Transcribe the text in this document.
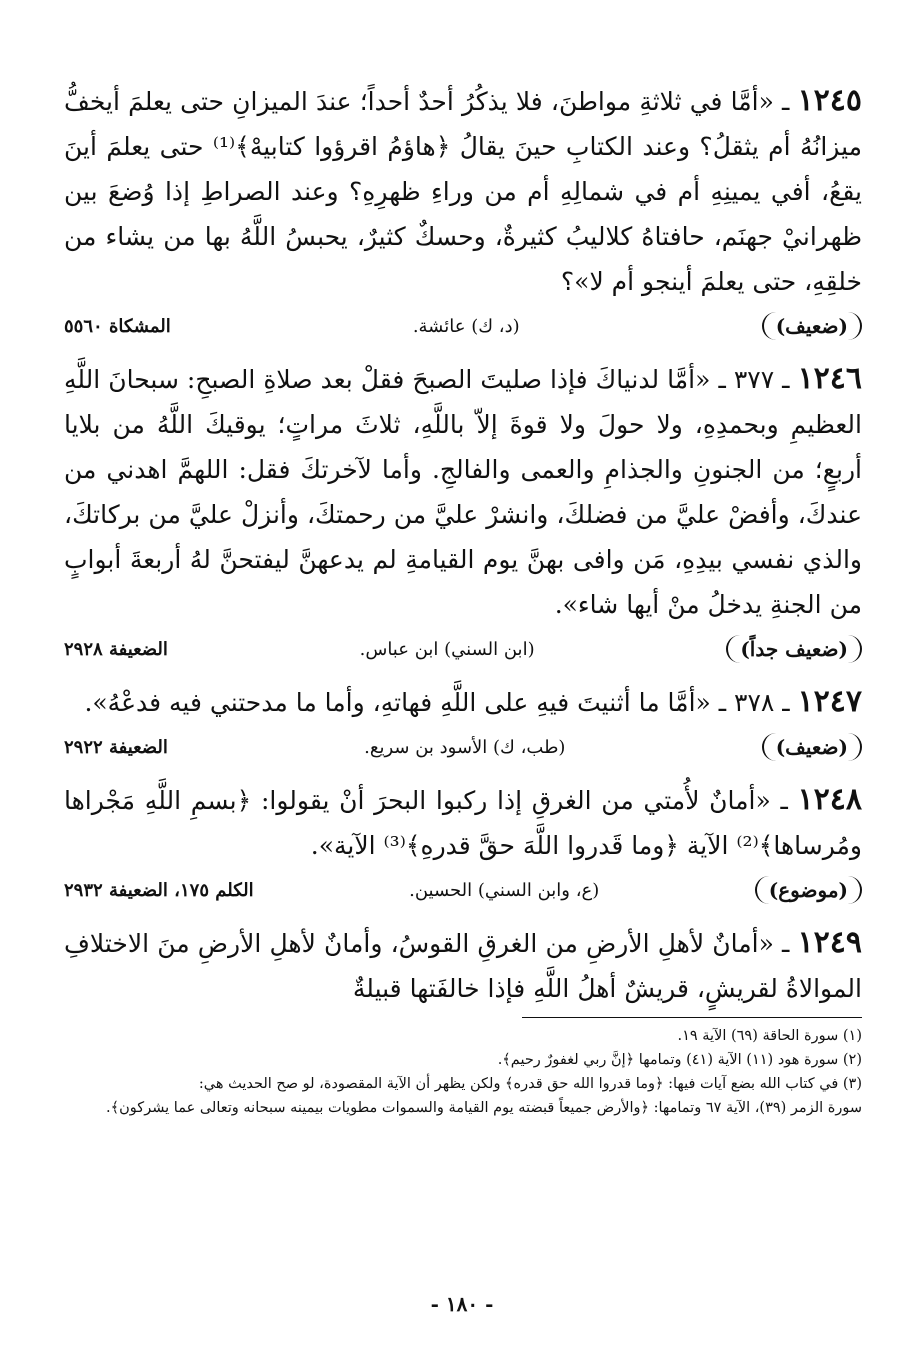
١٢٤٥ ـ «أمَّا في ثلاثةِ مواطنَ، فلا يذكُرُ أحدٌ أحداً؛ عندَ الميزانِ حتى يعلمَ أيخفُّ ميزانُهُ أم يثقلُ؟ وعند الكتابِ حينَ يقالُ ﴿هاؤمُ اقرؤوا كتابيهْ﴾⁽¹⁾ حتى يعلمَ أينَ يقعُ، أفي يمينِهِ أم في شمالِهِ أم من وراءِ ظهرِهِ؟ وعند الصراطِ إذا وُضعَ بين ظهرانيْ جهنَم، حافتاهُ كلاليبُ كثيرةٌ، وحسكٌ كثيرٌ، يحبسُ اللَّهُ بها من يشاء من خلقِهِ، حتى يعلمَ أينجو أم لا»؟

(ضعيف)
(د، ك) عائشة.
المشكاة ٥٥٦٠

١٢٤٦ ـ ٣٧٧ ـ «أمَّا لدنياكَ فإذا صليتَ الصبحَ فقلْ بعد صلاةِ الصبحِ: سبحانَ اللَّهِ العظيمِ وبحمدِهِ، ولا حولَ ولا قوةَ إلاّ باللَّهِ، ثلاثَ مراتٍ؛ يوقيكَ اللَّهُ من بلايا أربعٍ؛ من الجنونِ والجذامِ والعمى والفالجِ. وأما لآخرتكَ فقل: اللهمَّ اهدني من عندكَ، وأفضْ عليَّ من فضلكَ، وانشرْ عليَّ من رحمتكَ، وأنزلْ عليَّ من بركاتكَ، والذي نفسي بيدِهِ، مَن وافى بهنَّ يوم القيامةِ لم يدعهنَّ ليفتحنَّ لهُ أربعةَ أبوابٍ من الجنةِ يدخلُ منْ أيها شاء».

(ضعيف جداً)
(ابن السني) ابن عباس.
الضعيفة ٢٩٢٨

١٢٤٧ ـ ٣٧٨ ـ «أمَّا ما أثنيتَ فيهِ على اللَّهِ فهاتهِ، وأما ما مدحتني فيه فدعْهُ».

(ضعيف)
(طب، ك) الأسود بن سريع.
الضعيفة ٢٩٢٢

١٢٤٨ ـ «أمانٌ لأُمتي من الغرقِ إذا ركبوا البحرَ أنْ يقولوا: ﴿بسمِ اللَّهِ مَجْراها ومُرساها﴾⁽²⁾ الآية ﴿وما قَدروا اللَّهَ حقَّ قدرهِ﴾⁽³⁾ الآية».

(موضوع)
(ع، وابن السني) الحسين.
الكلم ١٧٥، الضعيفة ٢٩٣٢

١٢٤٩ ـ «أمانٌ لأهلِ الأرضِ من الغرقِ القوسُ، وأمانٌ لأهلِ الأرضِ منَ الاختلافِ الموالاةُ لقريشٍ، قريشٌ أهلُ اللَّهِ فإذا خالفَتها قبيلةٌ

(١) سورة الحاقة (٦٩) الآية ١٩.
(٢) سورة هود (١١) الآية (٤١) وتمامها ﴿إنَّ ربي لغفورٌ رحيم﴾.
(٣) في كتاب الله بضع آيات فيها: ﴿وما قدروا الله حق قدره﴾ ولكن يظهر أن الآية المقصودة، لو صح الحديث هي:
سورة الزمر (٣٩)، الآية ٦٧ وتمامها: ﴿والأرض جميعاً قبضته يوم القيامة والسموات مطويات بيمينه سبحانه وتعالى عما يشركون﴾.
- ١٨٠ -
